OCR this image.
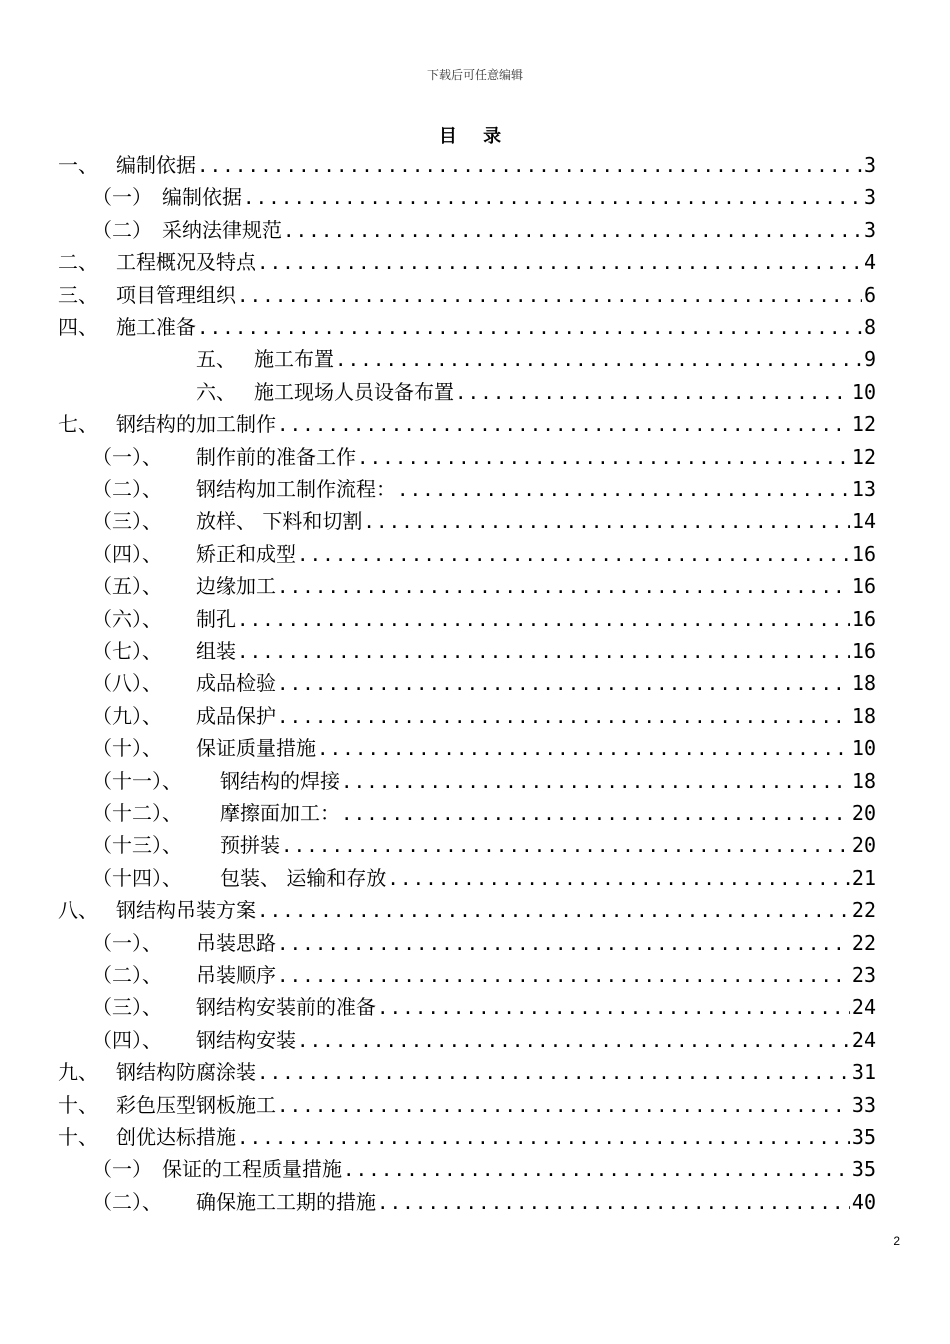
下载后可任意编辑
目 录
一、 编制依据 .....	3
（一） 编制依据 .....	3
（二） 采纳法律规范 .....	3
二、 工程概况及特点 .....	4
三、 项目管理组织 .....	6
四、 施工准备 .....	8
五、 施工布置 .....	9
六、 施工现场人员设备布置 .....	10
七、 钢结构的加工制作 .....	12
（一）、	制作前的准备工作 .....	12
（二）、	钢结构加工制作流程： .....	13
（三）、	放样、 下料和切割 .....	14
（四）、	矫正和成型 .....	16
（五）、	边缘加工 .....	16
（六）、	制孔 .....	16
（七）、	组装 .....	16
（八）、	成品检验 .....	18
（九）、	成品保护 .....	18
（十）、	保证质量措施 .....	10
（十一）、	钢结构的焊接 .....	18
（十二）、	摩擦面加工： .....	20
（十三）、	预拼装 .....	20
（十四）、	包装、 运输和存放 .....	21
八、 钢结构吊装方案 .....	22
（一）、	吊装思路 .....	22
（二）、	吊装顺序 .....	23
（三）、	钢结构安装前的准备 .....	24
（四）、	钢结构安装 .....	24
九、 钢结构防腐涂装 .....	31
十、 彩色压型钢板施工 .....	33
十、 创优达标措施 .....	35
（一） 保证的工程质量措施 .....	35
（二）、	确保施工工期的措施 .....	40
2
